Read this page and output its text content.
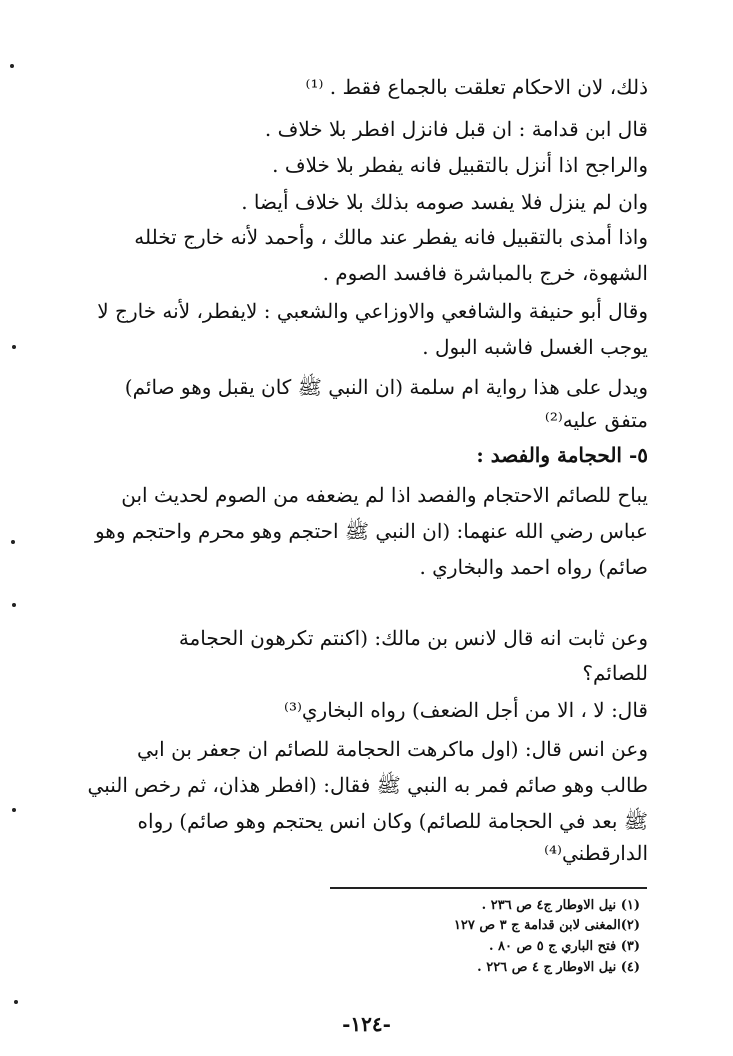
ذلك، لان الاحكام تعلقت بالجماع فقط . ⁽¹⁾
قال ابن قدامة : ان قبل فانزل افطر بلا خلاف .
والراجح اذا أنزل بالتقبيل فانه يفطر بلا خلاف .
وان لم ينزل فلا يفسد صومه بذلك بلا خلاف أيضا .
واذا أمذى بالتقبيل فانه يفطر عند مالك ، وأحمد لأنه خارج تخلله
الشهوة، خرج بالمباشرة فافسد الصوم .
وقال أبو حنيفة والشافعي والاوزاعي والشعبي : لايفطر، لأنه خارج لا
يوجب الغسل فاشبه البول .
ويدل على هذا رواية ام سلمة (ان النبي ﷺ كان يقبل وهو صائم)
متفق عليه⁽²⁾
٥- الحجامة والفصد :
يباح للصائم الاحتجام والفصد اذا لم يضعفه من الصوم لحديث ابن
عباس رضي الله عنهما: (ان النبي ﷺ احتجم وهو محرم واحتجم وهو
صائم) رواه احمد والبخاري .
وعن ثابت انه قال لانس بن مالك: (اكنتم تكرهون الحجامة
للصائم؟
قال: لا ، الا من أجل الضعف) رواه البخاري⁽³⁾
وعن انس قال: (اول ماكرهت الحجامة للصائم ان جعفر بن ابي
طالب وهو صائم فمر به النبي ﷺ فقال: (افطر هذان، ثم رخص النبي
ﷺ بعد في الحجامة للصائم) وكان انس يحتجم وهو صائم) رواه
الدارقطني⁽⁴⁾
(١) نيل الاوطار ج٤ ص ٢٣٦ .
(٢)المغنى لابن قدامة ج ٣ ص ١٢٧
(٣) فتح الباري ج ٥ ص ٨٠ .
(٤) نيل الاوطار ج ٤ ص ٢٢٦ .
-١٢٤-
